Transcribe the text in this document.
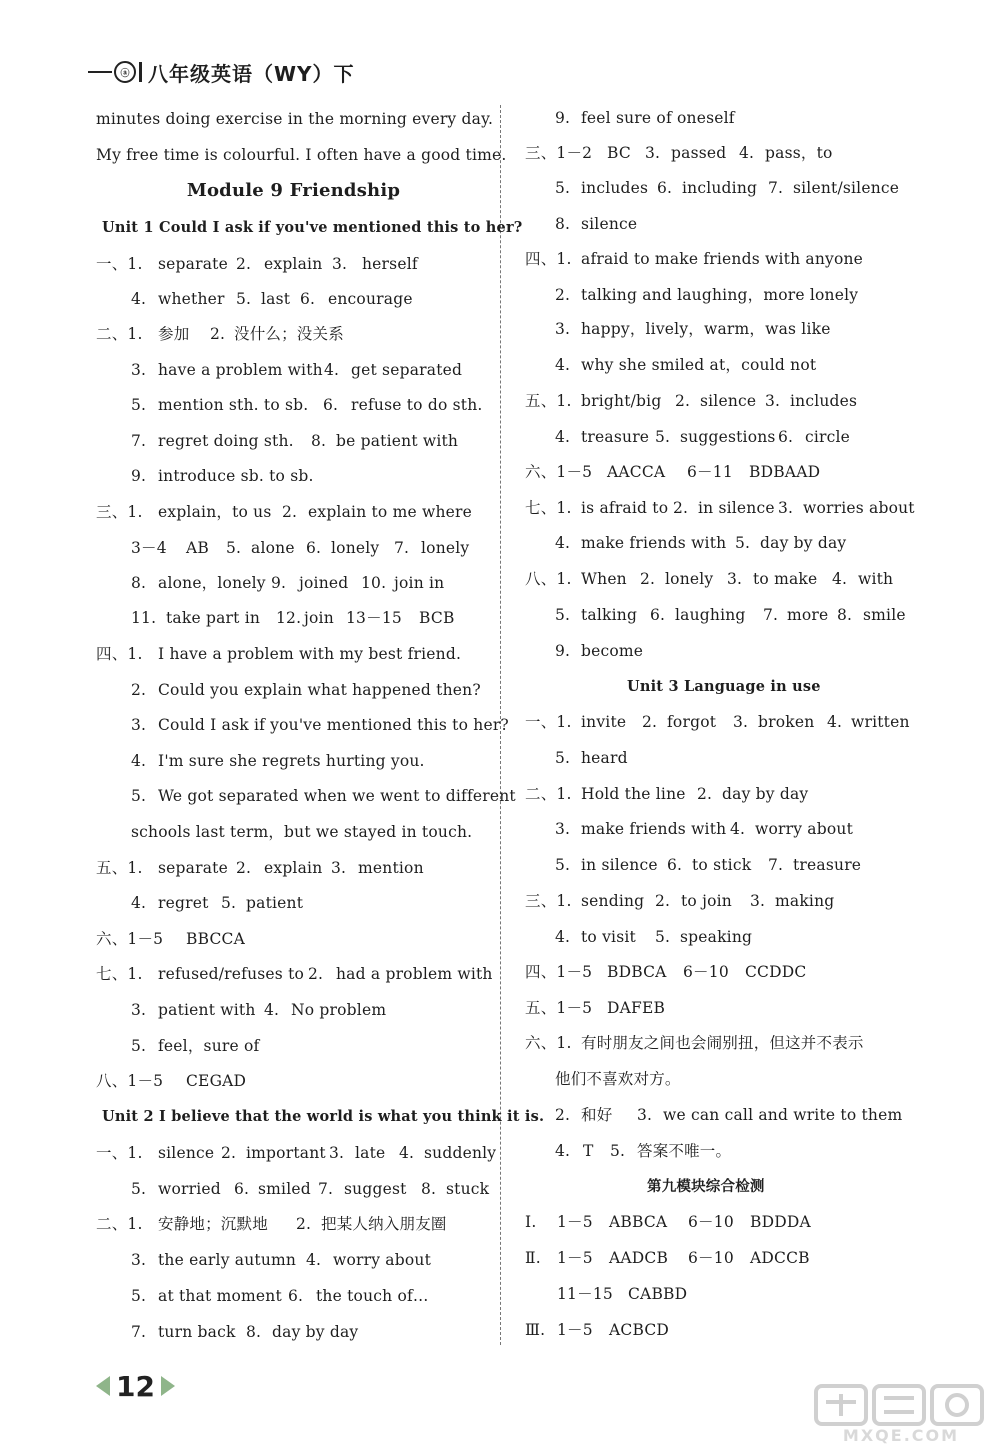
ⓐ 八年级英语（WY）下
minutes doing exercise in the morning every day.
My free time is colourful. I often have a good time.
Module 9 Friendship
Unit 1 Could I ask if you've mentioned this to her?
一、1. separate 2. explain 3. herself
4. whether 5. last 6. encourage
二、1. 参加 2. 没什么；没关系
3. have a problem with 4. get separated
5. mention sth. to sb. 6. refuse to do sth.
7. regret doing sth. 8. be patient with
9. introduce sb. to sb.
三、1. explain，to us 2. explain to me where
3－4 AB 5. alone 6. lonely 7. lonely
8. alone，lonely 9. joined 10. join in
11. take part in 12. join 13－15 BCB
四、1. I have a problem with my best friend.
2. Could you explain what happened then?
3. Could I ask if you've mentioned this to her?
4. I'm sure she regrets hurting you.
5. We got separated when we went to different
schools last term，but we stayed in touch.
五、1. separate 2. explain 3. mention
4. regret 5. patient
六、1－5 BBCCA
七、1. refused/refuses to 2. had a problem with
3. patient with 4. No problem
5. feel，sure of
八、1－5 CEGAD
Unit 2 I believe that the world is what you think it is.
一、1. silence 2. important 3. late 4. suddenly
5. worried 6. smiled 7. suggest 8. stuck
二、1. 安静地；沉默地 2. 把某人纳入朋友圈
3. the early autumn 4. worry about
5. at that moment 6. the touch of…
7. turn back 8. day by day
9. feel sure of oneself
三、1－2 BC 3. passed 4. pass，to
5. includes 6. including 7. silent/silence
8. silence
四、1. afraid to make friends with anyone
2. talking and laughing，more lonely
3. happy，lively，warm，was like
4. why she smiled at，could not
五、1. bright/big 2. silence 3. includes
4. treasure 5. suggestions 6. circle
六、1－5 AACCA 6－11 BDBAAD
七、1. is afraid to 2. in silence 3. worries about
4. make friends with 5. day by day
八、1. When 2. lonely 3. to make 4. with
5. talking 6. laughing 7. more 8. smile
9. become
Unit 3 Language in use
一、1. invite 2. forgot 3. broken 4. written
5. heard
二、1. Hold the line 2. day by day
3. make friends with 4. worry about
5. in silence 6. to stick 7. treasure
三、1. sending 2. to join 3. making
4. to visit 5. speaking
四、1－5 BDBCA 6－10 CCDDC
五、1－5 DAFEB
六、1. 有时朋友之间也会闹别扭，但这并不表示
他们不喜欢对方。
2. 和好 3. we can call and write to them
4. T 5. 答案不唯一。
第九模块综合检测
Ⅰ. 1－5 ABBCA 6－10 BDDDA
Ⅱ. 1－5 AADCB 6－10 ADCCB
11－15 CABBD
Ⅲ. 1－5 ACBCD
12
MXQE.COM
